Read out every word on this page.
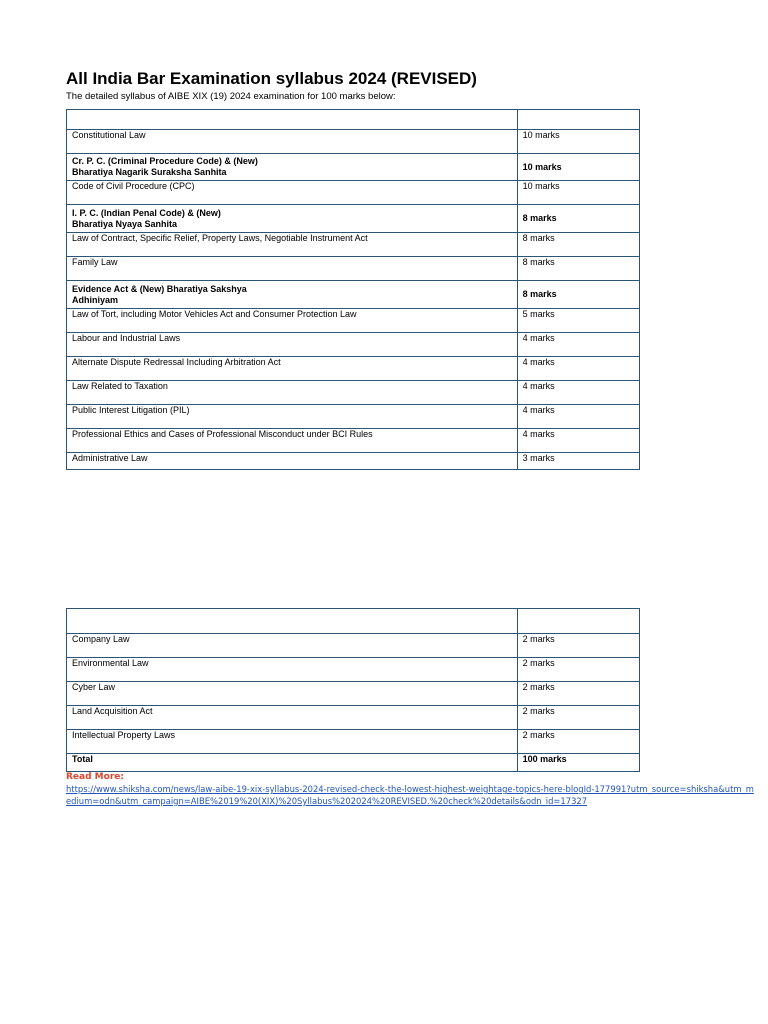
All India Bar Examination syllabus 2024 (REVISED)
The detailed syllabus of AIBE XIX (19) 2024 examination for 100 marks below:

Constitutional Law	10 marks
Cr. P. C. (Criminal Procedure Code) & (New)
Bharatiya Nagarik Suraksha Sanhita	10 marks
Code of Civil Procedure (CPC)	10 marks
I. P. C. (Indian Penal Code) & (New)
Bharatiya Nyaya Sanhita	8 marks
Law of Contract, Specific Relief, Property Laws, Negotiable Instrument Act	8 marks
Family Law	8 marks
Evidence Act & (New) Bharatiya Sakshya
Adhiniyam	8 marks
Law of Tort, including Motor Vehicles Act and Consumer Protection Law	5 marks
Labour and Industrial Laws	4 marks
Alternate Dispute Redressal Including Arbitration Act	4 marks
Law Related to Taxation	4 marks
Public Interest Litigation (PIL)	4 marks
Professional Ethics and Cases of Professional Misconduct under BCI Rules	4 marks
Administrative Law	3 marks

Company Law	2 marks
Environmental Law	2 marks
Cyber Law	2 marks
Land Acquisition Act	2 marks
Intellectual Property Laws	2 marks
Total	100 marks
Read More:
https://www.shiksha.com/news/law-aibe-19-xix-syllabus-2024-revised-check-the-lowest-highest-weightage-topics-here-blogId-177991?utm_source=shiksha&utm_medium=odn&utm_campaign=AIBE%2019%20(XIX)%20Syllabus%202024%20REVISED.%20check%20details&odn_id=17327
